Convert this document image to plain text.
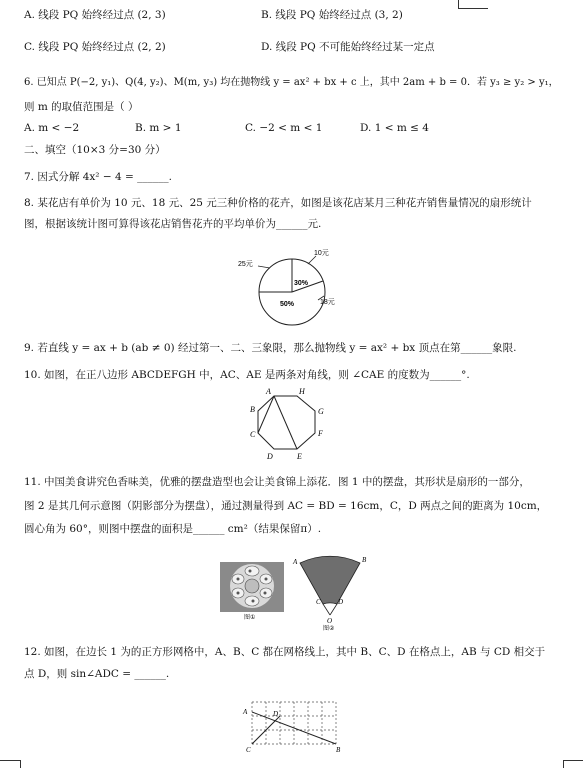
A. 线段 PQ 始终经过点 (2, 3)	B. 线段 PQ 始终经过点 (3, 2)
C. 线段 PQ 始终经过点 (2, 2)	D. 线段 PQ 不可能始终经过某一定点
6. 已知点 P(−2, y₁)、Q(4, y₂)、M(m, y₃) 均在抛物线 y = ax² + bx + c 上，其中 2am + b = 0．若 y₃ ≥ y₂ > y₁，
则 m 的取值范围是（ ）
A. m < −2	B. m > 1	C. −2 < m < 1	D. 1 < m ≤ 4
二、填空（10×3 分=30 分）
7. 因式分解 4x² − 4 = ______.
8. 某花店有单价为 10 元、18 元、25 元三种价格的花卉，如图是该花店某月三种花卉销售量情况的扇形统计
图，根据该统计图可算得该花店销售花卉的平均单价为______元.
25元
10元
18元
30%
50%
9. 若直线 y = ax + b (ab ≠ 0) 经过第一、二、三象限，那么抛物线 y = ax² + bx 顶点在第______象限.
10. 如图，在正八边形 ABCDEFGH 中，AC、AE 是两条对角线，则 ∠CAE 的度数为______°.
A	H
B	G
C	F
D	E
11. 中国美食讲究色香味美，优雅的摆盘造型也会让美食锦上添花．图 1 中的摆盘，其形状是扇形的一部分，
图 2 是其几何示意图（阴影部分为摆盘），通过测量得到 AC = BD = 16cm，C，D 两点之间的距离为 10cm，
圆心角为 60°，则图中摆盘的面积是______ cm²（结果保留π）.
图①
A	B
C D
O
图②
12. 如图，在边长 1 为的正方形网格中，A、B、C 都在网格线上，其中 B、C、D 在格点上，AB 与 CD 相交于
点 D，则 sin∠ADC = ______.
A	D
C	B
